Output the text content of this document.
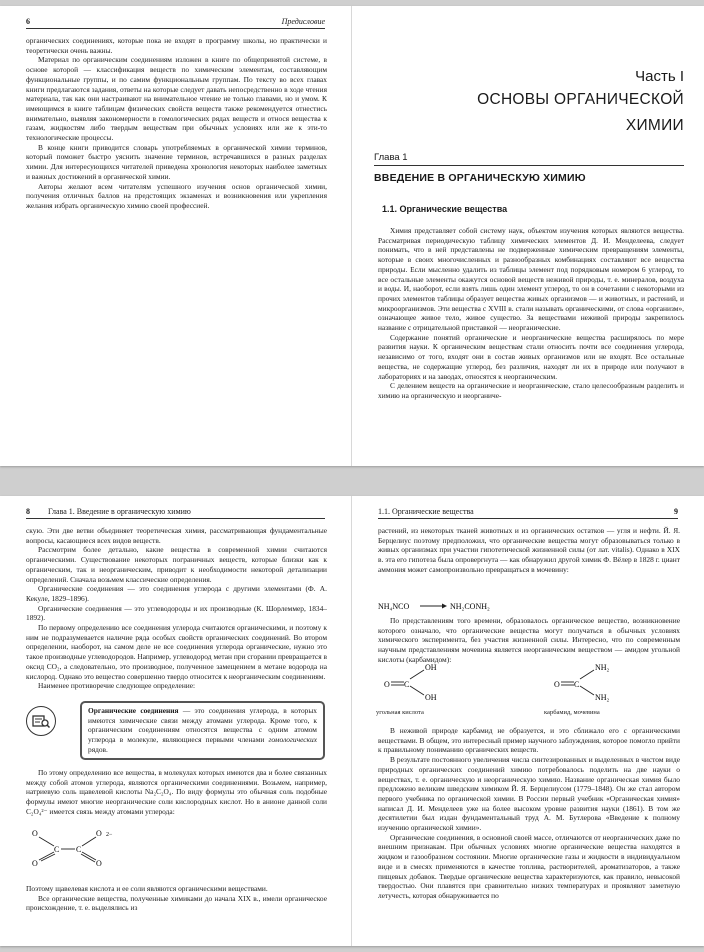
6	Предисловие

органических соединениях, которые пока не входят в программу школы, но практически и теоретически очень важны.

Материал по органическим соединениям изложен в книге по общепринятой системе, в основе которой — классификация веществ по химическим элементам, составляющим функциональные группы, и по самим функциональным группам. По тексту во всех главах книги предлагаются задания, ответы на которые следует давать непосредственно в ходе чтения материала, так как они настраивают на внимательное чтение не только главами, но и умом. К имеющимся в книге таблицам физических свойств веществ также рекомендуется отнестись внимательно, выявляя закономерности в гомологических рядах веществ и относя вещества к газам, жидкостям либо твердым веществам при обычных условиях или же к эти-то технологические процессы.

В конце книги приводится словарь употребляемых в органической химии терминов, который поможет быстро уяснить значение терминов, встречавшихся в разных разделах химии. Для интересующихся читателей приведена хронология некоторых наиболее заметных и важных достижений в органической химии.

Авторы желают всем читателям успешного изучения основ органической химии, получения отличных баллов на предстоящих экзаменах и возникновения или укрепления желания избрать органическую химию своей профессией.

Часть I
ОСНОВЫ ОРГАНИЧЕСКОЙ
ХИМИИ
Глава 1
ВВЕДЕНИЕ В ОРГАНИЧЕСКУЮ ХИМИЮ
1.1. Органические вещества

Химия представляет собой систему наук, объектом изучения которых являются вещества. Рассматривая периодическую таблицу химических элементов Д. И. Менделеева, следует понимать, что в ней представлены не подверженные химическим превращениям элементы, которые в своих многочисленных и разнообразных комбинациях составляют все вещества природы. Если мысленно удалить из таблицы элемент под порядковым номером 6 углерод, то все остальные элементы окажутся основой веществ неживой природы, т. е. минералов, воздуха и воды. И, наоборот, если взять лишь один элемент углерод, то он в сочетании с некоторыми из прочих элементов таблицы образует вещества живых организмов — и животных, и растений, и микроорганизмов. Эти вещества с XVIII в. стали называть органическими, от слова «организм», означающее живое тело, живое существо. За веществами неживой природы закрепилось название с отрицательной приставкой — неорганические.

Содержание понятий органические и неорганические вещества расширялось по мере развития науки. К органическим веществам стали относить почти все соединения углерода, независимо от того, входят они в состав живых организмов или не входят. Все остальные вещества, не содержащие углерод, без различия, находят ли их в природе или получают в лабораториях и на заводах, относятся к неорганическим.

С делением веществ на органические и неорганические, стало целесообразным разделить и химию на органическую и неорганиче-

8 Глава 1. Введение в органическую химию

скую. Эти две ветви объединяет теоретическая химия, рассматривающая фундаментальные вопросы, касающиеся всех видов веществ.

Рассмотрим более детально, какие вещества в современной химии считаются органическими. Существование некоторых пограничных веществ, которые близки как к органическим, так и неорганическим, приводит к необходимости некоторой детализации определений. Сначала возьмем классические определения.

Органические соединения — это соединения углерода с другими элементами (Ф. А. Кекуле, 1829–1896).

Органические соединения — это углеводороды и их производные (К. Шорлеммер, 1834–1892).

По первому определению все соединения углерода считаются органическими, и поэтому к ним не подразумевается наличие ряда особых свойств органических соединений. Во втором определении, наоборот, на самом деле не все соединения углерода органические, нужно это такое производные углеводородов. Например, углеводород метан при сгорании превращается в оксид CO₂, а следовательно, это производное, полученное замещением в метане водорода на кислород. Однако это вещество совершенно твердо относится к неорганическим соединениям.

Наименее противоречие следующее определение:

Органические соединения — это соединения углерода, в которых имеются химические связи между атомами углерода. Кроме того, к органическим соединениям относятся вещества с одним атомом углерода в молекуле, являющиеся первыми членами гомологических рядов.

По этому определению все вещества, в молекулах которых имеются два и более связанных между собой атомов углерода, являются органическими соединениями. Возьмем, например, натриевую соль щавелевой кислоты Na₂C₂O₄. По виду формулы это обычная соль подобные формулы имеют многие неорганические соли кислородных кислот. Но в анионе данной соли C₂O₄²⁻ имеется связь между атомами углерода:

O
O
O
O
C C
2−

Поэтому щавелевая кислота и ее соли являются органическими веществами.

Все органические вещества, полученные химиками до начала XIX в., имели органическое происхождение, т. е. выделялись из

9
1.1. Органические вещества

растений, из некоторых тканей животных и из органических остатков — угля и нефти. Й. Я. Берцелиус поэтому предположил, что органические вещества могут образовываться только в живых организмах при участии гипотетической жизненной силы (от лат. vitalis). Однако в XIX в. эта его гипотеза была опровергнута — как обнаружил другой химик Ф. Вёлер в 1828 г. циант аммония может самопроизвольно превращаться в мочевину:

NH₄NCO	NH₂CONH₂

По представлениям того времени, образовалось органическое вещество, возникновение которого означало, что органические вещества могут получаться в обычных условиях химического эксперимента, без участия жизненной силы. Интересно, что по современным научным представлениям мочевина является неорганическим веществом — амидом угольной кислоты (карбамидом):

O C
OH
OH
O C
NH₂
NH₂
угольная кислота	карбамид, мочевина

В неживой природе карбамид не образуется, и это сближало его с органическими веществами. В общем, это интересный пример научного заблуждения, которое помогло прийти к правильному пониманию органических веществ.

В результате постоянного увеличения числа синтезированных и выделенных в чистом виде природных органических соединений химию потребовалось поделить на две науки о веществах, т. е. органическую и неорганическую химию. Название органическая химия было предложено великим шведским химиком Й. Я. Берцелиусом (1779–1848). Он же стал автором первого учебника по органической химии. В России первый учебник «Органическая химия» написал Д. И. Менделеев уже на более высоком уровне развития науки (1861). В том же десятилетии был издан фундаментальный труд А. М. Бутлерова «Введение к полному изучению органической химии».

Органические соединения, в основной своей массе, отличаются от неорганических даже по внешним признакам. При обычных условиях многие органические вещества находятся в жидком и газообразном состоянии. Многие органические газы и жидкости в индивидуальном виде и в смесях применяются в качестве топлива, растворителей, ароматизаторов, а также пищевых добавок. Твердые органические вещества характеризуются, как правило, невысокой твердостью. Они плавятся при сравнительно низких температурах и проявляют заметную летучесть, которая обнаруживается по
